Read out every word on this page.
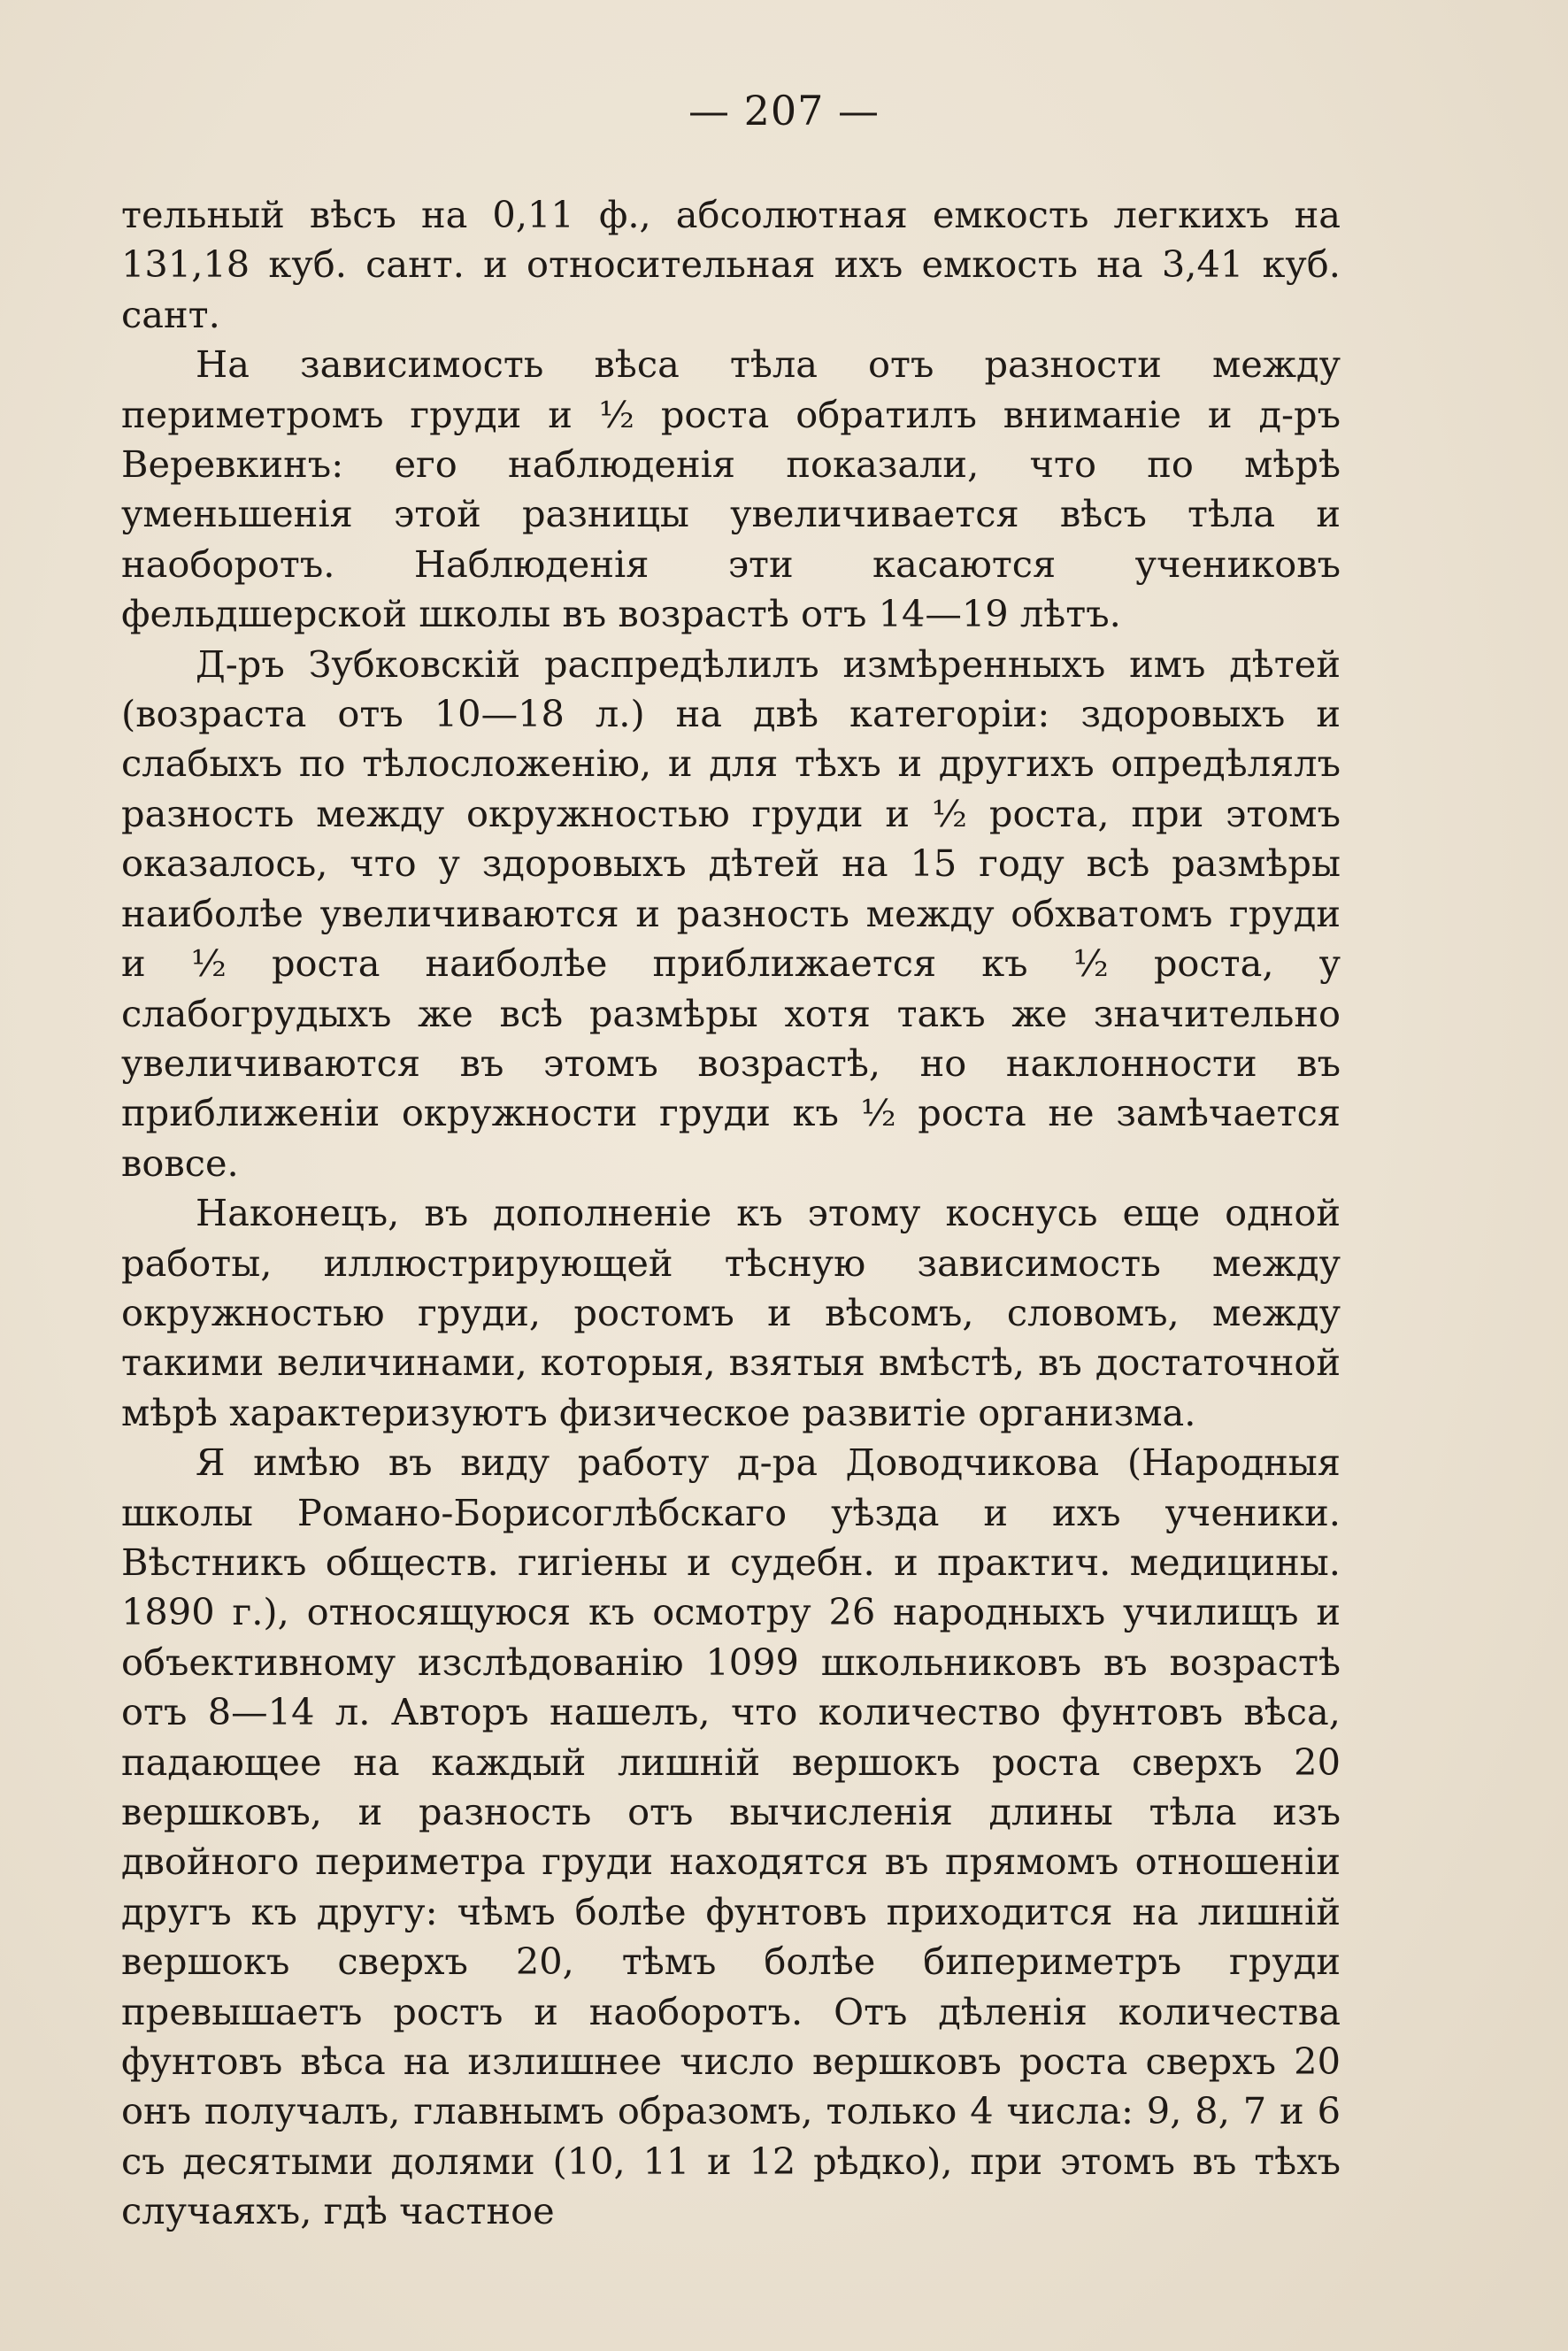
— 207 —

тельный вѣсъ на 0,11 ф., абсолютная емкость легкихъ на 131,18 куб. сант. и относительная ихъ емкость на 3,41 куб. сант.

На зависимость вѣса тѣла отъ разности между периметромъ груди и ½ роста обратилъ вниманіе и д-ръ Веревкинъ: его наблюденія показали, что по мѣрѣ уменьшенія этой разницы увеличивается вѣсъ тѣла и наоборотъ. Наблюденія эти касаются учениковъ фельдшерской школы въ возрастѣ отъ 14—19 лѣтъ.

Д-ръ Зубковскій распредѣлилъ измѣренныхъ имъ дѣтей (возраста отъ 10—18 л.) на двѣ категоріи: здоровыхъ и слабыхъ по тѣлосложенію, и для тѣхъ и другихъ опредѣлялъ разность между окружностью груди и ½ роста, при этомъ оказалось, что у здоровыхъ дѣтей на 15 году всѣ размѣры наиболѣе увеличиваются и разность между обхватомъ груди и ½ роста наиболѣе приближается къ ½ роста, у слабогрудыхъ же всѣ размѣры хотя такъ же значительно увеличиваются въ этомъ возрастѣ, но наклонности въ приближеніи окружности груди къ ½ роста не замѣчается вовсе.

Наконецъ, въ дополненіе къ этому коснусь еще одной работы, иллюстрирующей тѣсную зависимость между окружностью груди, ростомъ и вѣсомъ, словомъ, между такими величинами, которыя, взятыя вмѣстѣ, въ достаточной мѣрѣ характеризуютъ физическое развитіе организма.

Я имѣю въ виду работу д-ра Доводчикова (Народныя школы Романо-Борисоглѣбскаго уѣзда и ихъ ученики. Вѣстникъ обществ. гигіены и судебн. и практич. медицины. 1890 г.), относящуюся къ осмотру 26 народныхъ училищъ и объективному изслѣдованію 1099 школьниковъ въ возрастѣ отъ 8—14 л. Авторъ нашелъ, что количество фунтовъ вѣса, падающее на каждый лишній вершокъ роста сверхъ 20 вершковъ, и разность отъ вычисленія длины тѣла изъ двойного периметра груди находятся въ прямомъ отношеніи другъ къ другу: чѣмъ болѣе фунтовъ приходится на лишній вершокъ сверхъ 20, тѣмъ болѣе бипериметръ груди превышаетъ ростъ и наоборотъ. Отъ дѣленія количества фунтовъ вѣса на излишнее число вершковъ роста сверхъ 20 онъ получалъ, главнымъ образомъ, только 4 числа: 9, 8, 7 и 6 съ десятыми долями (10, 11 и 12 рѣдко), при этомъ въ тѣхъ случаяхъ, гдѣ частное
